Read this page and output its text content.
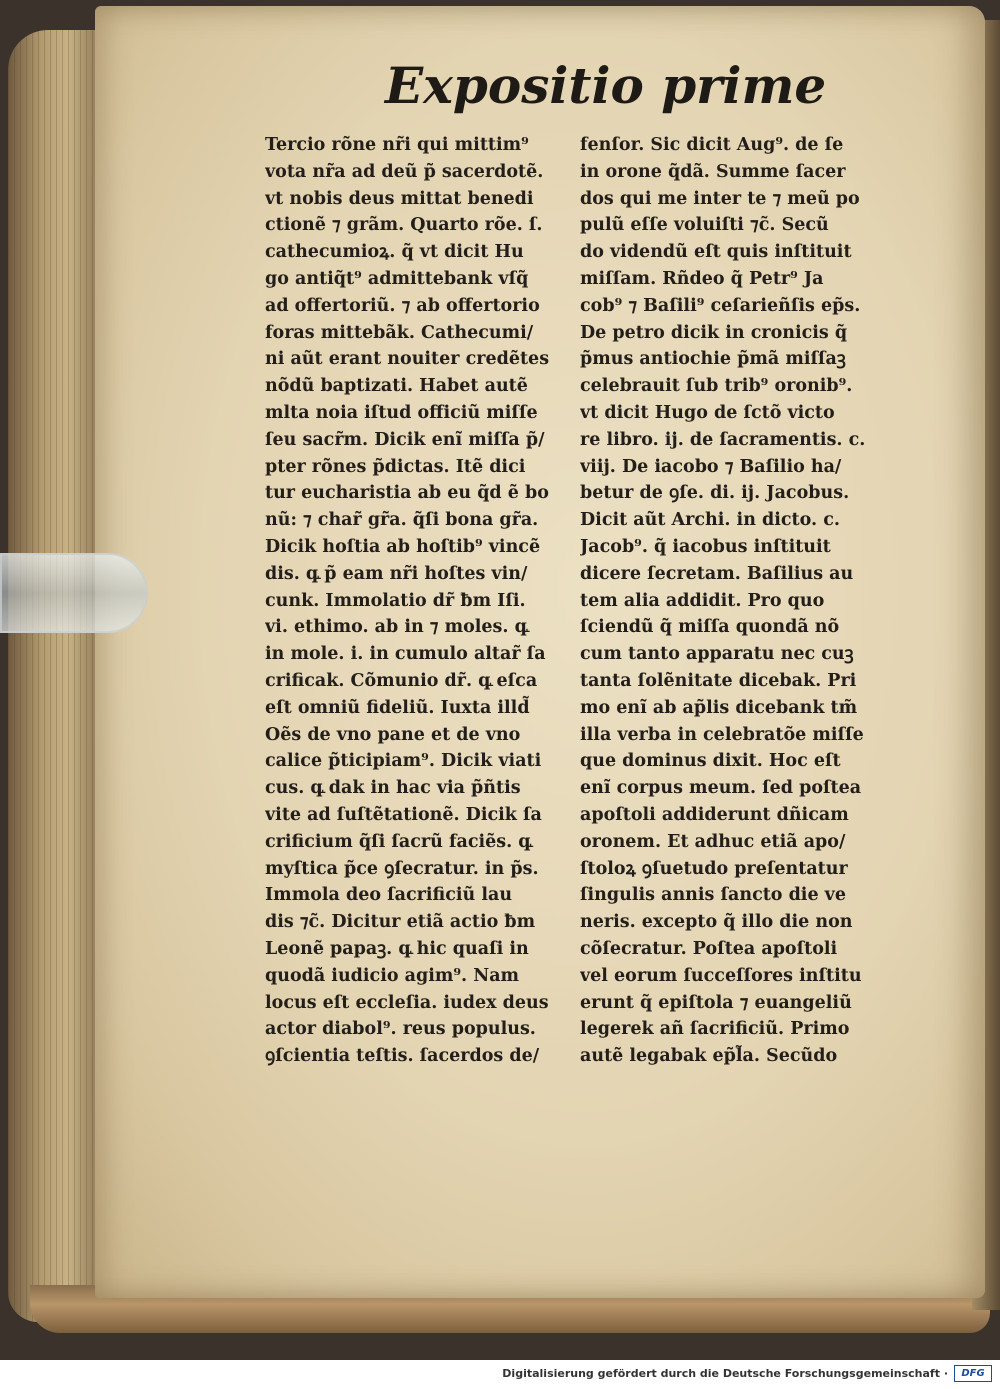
Expositio prime
Tercio rõne nr̃i qui mittim⁹
vota nr̃a ad deũ p̃ sacerdotẽ.
vt nobis deus mittat benedi
ctionẽ ⁊ grãm. Quarto rõe. ſ.
cathecumioꝝ. q̃ vt dicit Hu
go antiq̃t⁹ admittebank vſq̃
ad offertoriũ. ⁊ ab offertorio
foras mittebãk. Cathecumi/
ni aũt erant nouiter credẽtes
nõdũ baptizati. Habet autẽ
mlta noia iſtud officiũ miſſe
ſeu sacr̃m. Dicik enĩ miſſa p̃/
pter rõnes p̃dictas. Itẽ dici
tur eucharistia ab eu q̃d ẽ bo
nũ: ⁊ char̃ gr̃a. q̃ſi bona gr̃a.
Dicik hoſtia ab hoſtib⁹ vincẽ
dis. q꜡ p̃ eam nr̃i hoſtes vin/
cunk. Immolatio dr̃ ƀm Iſi.
vi. ethimo. ab in ⁊ moles. q꜡
in mole. i. in cumulo altar̃ ſa
crificak. Cõmunio dr̃. q꜡ eſca
eſt omniũ fideliũ. Iuxta illd̃
Oẽs de vno pane et de vno
calice p̃ticipiam⁹. Dicik viati
cus. q꜡ dak in hac via p̃ñtis
vite ad ſuſtẽtationẽ. Dicik ſa
crificium q̃ſi ſacrũ faciẽs. q꜡
myſtica p̃ce ꝯſecratur. in p̃s.
Immola deo ſacrificiũ lau
dis ⁊c̃. Dicitur etiã actio ƀm
Leonẽ papaꝫ. q꜡ hic quaſi in
quodã iudicio agim⁹. Nam
locus eſt eccleſia. iudex deus
actor diabol⁹. reus populus.
ꝯſcientia teſtis. ſacerdos de/
fenſor. Sic dicit Aug⁹. de ſe
in orone q̃dã. Summe ſacer
dos qui me inter te ⁊ meũ po
pulũ eſſe voluiſti ⁊c̃. Secũ
do videndũ eſt quis inſtituit
miſſam. Rñdeo q̃ Petr⁹ Ja
cob⁹ ⁊ Baſili⁹ ceſarieñſis ep̃s.
De petro dicik in cronicis q̃
p̃mus antiochie p̃mã miſſaꝫ
celebrauit ſub trib⁹ oronib⁹.
vt dicit Hugo de ſctõ victo
re libro. ij. de ſacramentis. c.
viij. De iacobo ⁊ Baſilio ha/
betur de ꝯſe. di. ij. Jacobus.
Dicit aũt Archi. in dicto. c.
Jacob⁹. q̃ iacobus inſtituit
dicere ſecretam. Baſilius au
tem alia addidit. Pro quo
ſciendũ q̃ miſſa quondã nõ
cum tanto apparatu nec cuꝫ
tanta ſolẽnitate dicebak. Pri
mo enĩ ab ap̃lis dicebank tm̃
illa verba in celebratõe miſſe
que dominus dixit. Hoc eſt
enĩ corpus meum. ſed poſtea
apoſtoli addiderunt dñicam
oronem. Et adhuc etiã apo/
ſtoloꝝ ꝯſuetudo preſentatur
ſingulis annis ſancto die ve
neris. excepto q̃ illo die non
cõſecratur. Poſtea apoſtoli
vel eorum ſucceſſores inſtitu
erunt q̃ epiſtola ⁊ euangeliũ
legerek añ ſacrificiũ. Primo
autẽ legabak ep̃l̃a. Secũdo
Digitalisierung gefördert durch die Deutsche Forschungsgemeinschaft ·	DFG
